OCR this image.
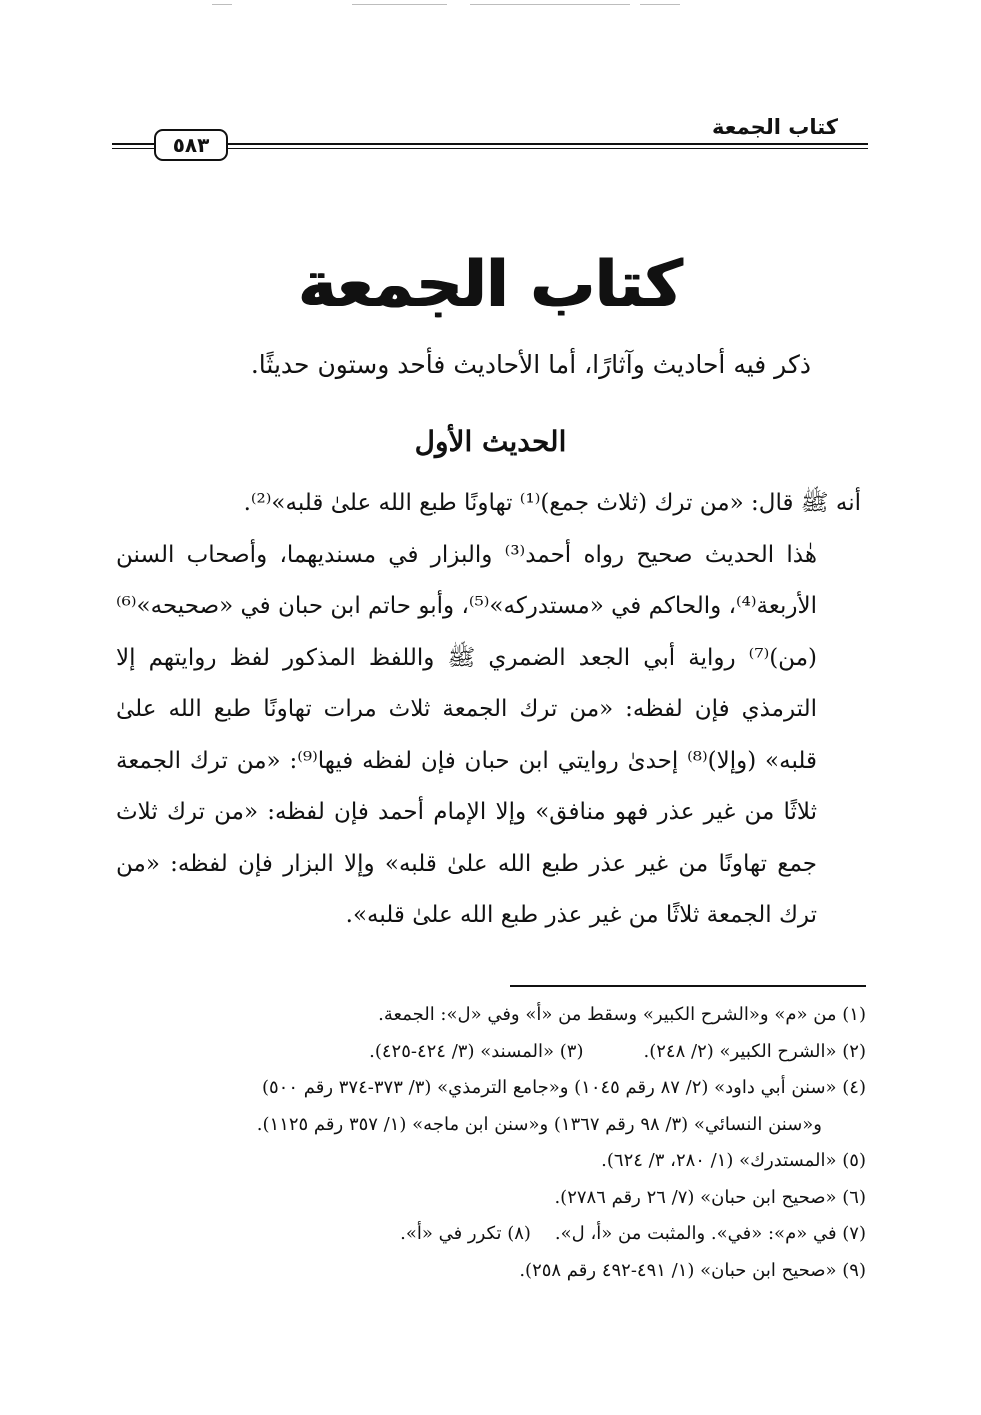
كتاب الجمعة
٥٨٣
كتاب الجمعة
ذكر فيه أحاديث وآثارًا، أما الأحاديث فأحد وستون حديثًا.
الحديث الأول

أنه ﷺ قال: «من ترك (ثلاث جمع)⁽¹⁾ تهاونًا طبع الله علىٰ قلبه»⁽²⁾.

هٰذا الحديث صحيح رواه أحمد⁽³⁾ والبزار في مسنديهما، وأصحاب السنن الأربعة⁽⁴⁾، والحاكم في «مستدركه»⁽⁵⁾، وأبو حاتم ابن حبان في «صحيحه»⁽⁶⁾ (من)⁽⁷⁾ رواية أبي الجعد الضمري ﷺ واللفظ المذكور لفظ روايتهم إلا الترمذي فإن لفظه: «من ترك الجمعة ثلاث مرات تهاونًا طبع الله علىٰ قلبه» (وإلا)⁽⁸⁾ إحدىٰ روايتي ابن حبان فإن لفظه فيها⁽⁹⁾: «من ترك الجمعة ثلاثًا من غير عذر فهو منافق» وإلا الإمام أحمد فإن لفظه: «من ترك ثلاث جمع تهاونًا من غير عذر طبع الله علىٰ قلبه» وإلا البزار فإن لفظه: «من ترك الجمعة ثلاثًا من غير عذر طبع الله علىٰ قلبه».

(١) من «م» و«الشرح الكبير» وسقط من «أ» وفي «ل»: الجمعة.
(٢) «الشرح الكبير» (٢/ ٢٤٨).(٣) «المسند» (٣/ ٤٢٤-٤٢٥).
(٤) «سنن أبي داود» (٢/ ٨٧ رقم ١٠٤٥) و«جامع الترمذي» (٣/ ٣٧٣-٣٧٤ رقم ٥٠٠)
و«سنن النسائي» (٣/ ٩٨ رقم ١٣٦٧) و«سنن ابن ماجه» (١/ ٣٥٧ رقم ١١٢٥).
(٥) «المستدرك» (١/ ٢٨٠، ٣/ ٦٢٤).
(٦) «صحيح ابن حبان» (٧/ ٢٦ رقم ٢٧٨٦).
(٧) في «م»: «في». والمثبت من «أ، ل».(٨) تكرر في «أ».
(٩) «صحيح ابن حبان» (١/ ٤٩١-٤٩٢ رقم ٢٥٨).
